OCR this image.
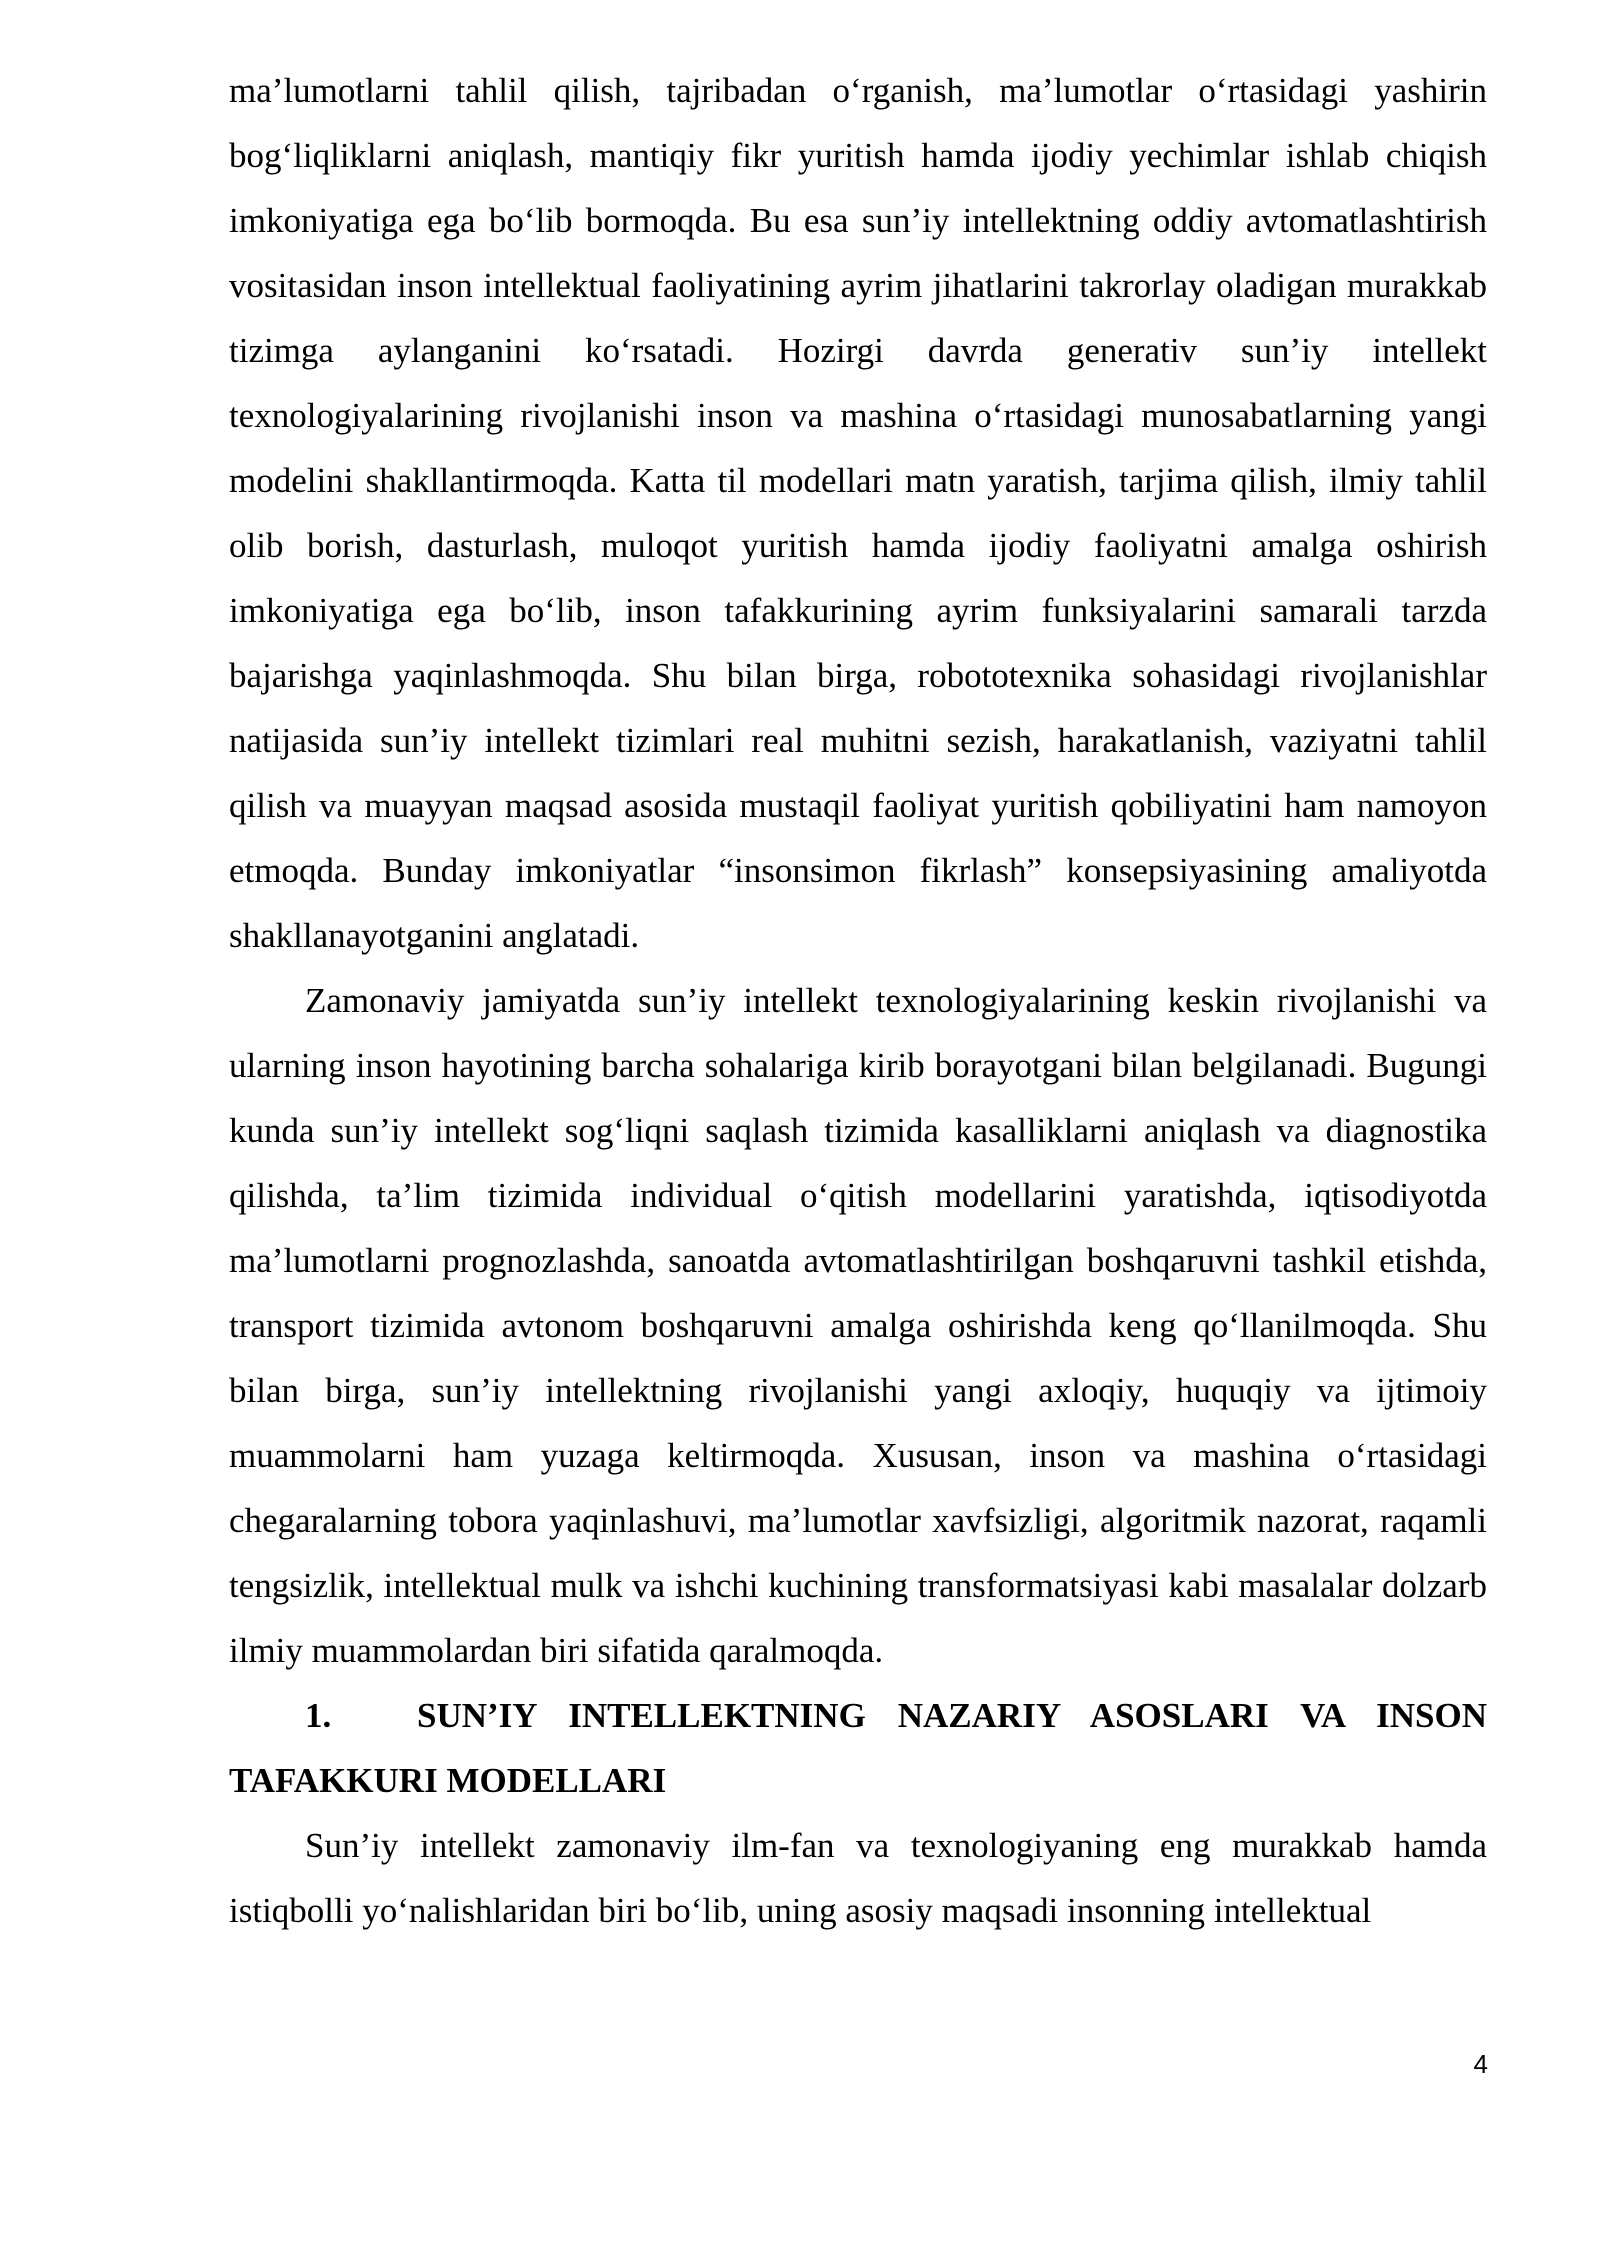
ma’lumotlarni tahlil qilish, tajribadan o‘rganish, ma’lumotlar o‘rtasidagi yashirin bog‘liqliklarni aniqlash, mantiqiy fikr yuritish hamda ijodiy yechimlar ishlab chiqish imkoniyatiga ega bo‘lib bormoqda. Bu esa sun’iy intellektning oddiy avtomatlashtirish vositasidan inson intellektual faoliyatining ayrim jihatlarini takrorlay oladigan murakkab tizimga aylanganini ko‘rsatadi. Hozirgi davrda generativ sun’iy intellekt texnologiyalarining rivojlanishi inson va mashina o‘rtasidagi munosabatlarning yangi modelini shakllantirmoqda. Katta til modellari matn yaratish, tarjima qilish, ilmiy tahlil olib borish, dasturlash, muloqot yuritish hamda ijodiy faoliyatni amalga oshirish imkoniyatiga ega bo‘lib, inson tafakkurining ayrim funksiyalarini samarali tarzda bajarishga yaqinlashmoqda. Shu bilan birga, robototexnika sohasidagi rivojlanishlar natijasida sun’iy intellekt tizimlari real muhitni sezish, harakatlanish, vaziyatni tahlil qilish va muayyan maqsad asosida mustaqil faoliyat yuritish qobiliyatini ham namoyon etmoqda. Bunday imkoniyatlar “insonsimon fikrlash” konsepsiyasining amaliyotda shakllanayotganini anglatadi.

Zamonaviy jamiyatda sun’iy intellekt texnologiyalarining keskin rivojlanishi va ularning inson hayotining barcha sohalariga kirib borayotgani bilan belgilanadi. Bugungi kunda sun’iy intellekt sog‘liqni saqlash tizimida kasalliklarni aniqlash va diagnostika qilishda, ta’lim tizimida individual o‘qitish modellarini yaratishda, iqtisodiyotda ma’lumotlarni prognozlashda, sanoatda avtomatlashtirilgan boshqaruvni tashkil etishda, transport tizimida avtonom boshqaruvni amalga oshirishda keng qo‘llanilmoqda. Shu bilan birga, sun’iy intellektning rivojlanishi yangi axloqiy, huquqiy va ijtimoiy muammolarni ham yuzaga keltirmoqda. Xususan, inson va mashina o‘rtasidagi chegaralarning tobora yaqinlashuvi, ma’lumotlar xavfsizligi, algoritmik nazorat, raqamli tengsizlik, intellektual mulk va ishchi kuchining transformatsiyasi kabi masalalar dolzarb ilmiy muammolardan biri sifatida qaralmoqda.

1. SUN’IY INTELLEKTNING NAZARIY ASOSLARI VA INSON TAFAKKURI MODELLARI

Sun’iy intellekt zamonaviy ilm-fan va texnologiyaning eng murakkab hamda istiqbolli yo‘nalishlaridan biri bo‘lib, uning asosiy maqsadi insonning intellektual

4
